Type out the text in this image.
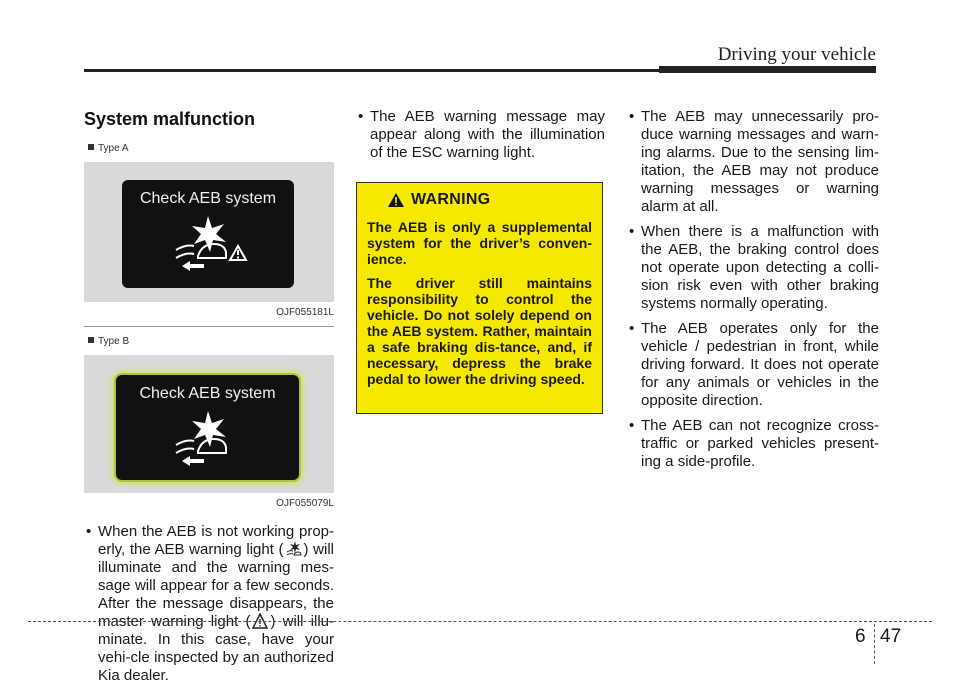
Driving your vehicle
System malfunction
Type A
Check AEB system
OJF055181L
Type B
Check AEB system
OJF055079L
• When the AEB is not working prop-erly, the AEB warning light ( ) will illuminate and the warning mes-sage will appear for a few seconds. After the message disappears, the master warning light ( ) will illu-minate. In this case, have your vehi-cle inspected by an authorized Kia dealer.
• The AEB warning message may appear along with the illumination of the ESC warning light.
WARNING

The AEB is only a supplemental system for the driver’s conven-ience.

The driver still maintains responsibility to control the vehicle. Do not solely depend on the AEB system. Rather, maintain a safe braking dis-tance, and, if necessary, depress the brake pedal to lower the driving speed.

• The AEB may unnecessarily pro-duce warning messages and warn-ing alarms. Due to the sensing lim-itation, the AEB may not produce warning messages or warning alarm at all.
• When there is a malfunction with the AEB, the braking control does not operate upon detecting a colli-sion risk even with other braking systems normally operating.
• The AEB operates only for the vehicle / pedestrian in front, while driving forward. It does not operate for any animals or vehicles in the opposite direction.
• The AEB can not recognize cross-traffic or parked vehicles present-ing a side-profile.
6 47
